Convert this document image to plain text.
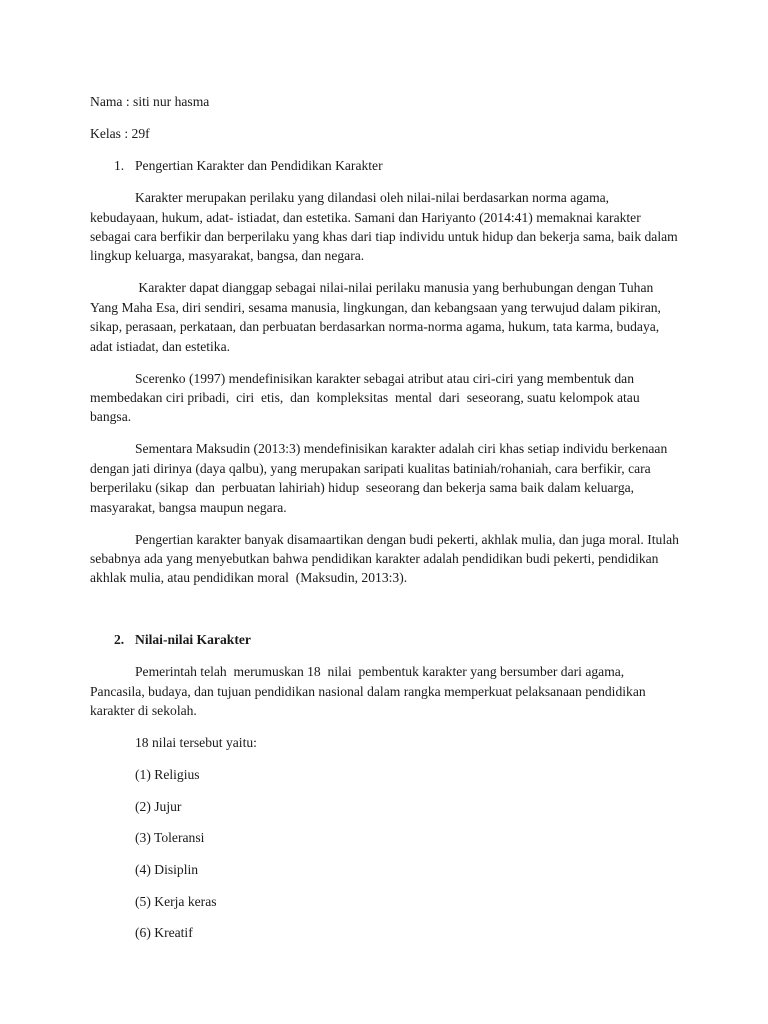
Nama : siti nur hasma
Kelas : 29f
1. Pengertian Karakter dan Pendidikan Karakter

Karakter merupakan perilaku yang dilandasi oleh nilai-nilai berdasarkan norma agama, kebudayaan, hukum, adat- istiadat, dan estetika. Samani dan Hariyanto (2014:41) memaknai karakter sebagai cara berfikir dan berperilaku yang khas dari tiap individu untuk hidup dan bekerja sama, baik dalam lingkup keluarga, masyarakat, bangsa, dan negara.

Karakter dapat dianggap sebagai nilai-nilai perilaku manusia yang berhubungan dengan Tuhan Yang Maha Esa, diri sendiri, sesama manusia, lingkungan, dan kebangsaan yang terwujud dalam pikiran, sikap, perasaan, perkataan, dan perbuatan berdasarkan norma-norma agama, hukum, tata karma, budaya, adat istiadat, dan estetika.

Scerenko (1997) mendefinisikan karakter sebagai atribut atau ciri-ciri yang membentuk dan membedakan ciri pribadi,  ciri  etis,  dan  kompleksitas  mental  dari  seseorang, suatu kelompok atau bangsa.

Sementara Maksudin (2013:3) mendefinisikan karakter adalah ciri khas setiap individu berkenaan dengan jati dirinya (daya qalbu), yang merupakan saripati kualitas batiniah/rohaniah, cara berfikir, cara berperilaku (sikap  dan  perbuatan lahiriah) hidup  seseorang dan bekerja sama baik dalam keluarga, masyarakat, bangsa maupun negara.

Pengertian karakter banyak disamaartikan dengan budi pekerti, akhlak mulia, dan juga moral. Itulah sebabnya ada yang menyebutkan bahwa pendidikan karakter adalah pendidikan budi pekerti, pendidikan akhlak mulia, atau pendidikan moral  (Maksudin, 2013:3).

2. Nilai-nilai Karakter

Pemerintah telah  merumuskan 18  nilai  pembentuk karakter yang bersumber dari agama, Pancasila, budaya, dan tujuan pendidikan nasional dalam rangka memperkuat pelaksanaan pendidikan karakter di sekolah.

18 nilai tersebut yaitu:
(1) Religius
(2) Jujur
(3) Toleransi
(4) Disiplin
(5) Kerja keras
(6) Kreatif
